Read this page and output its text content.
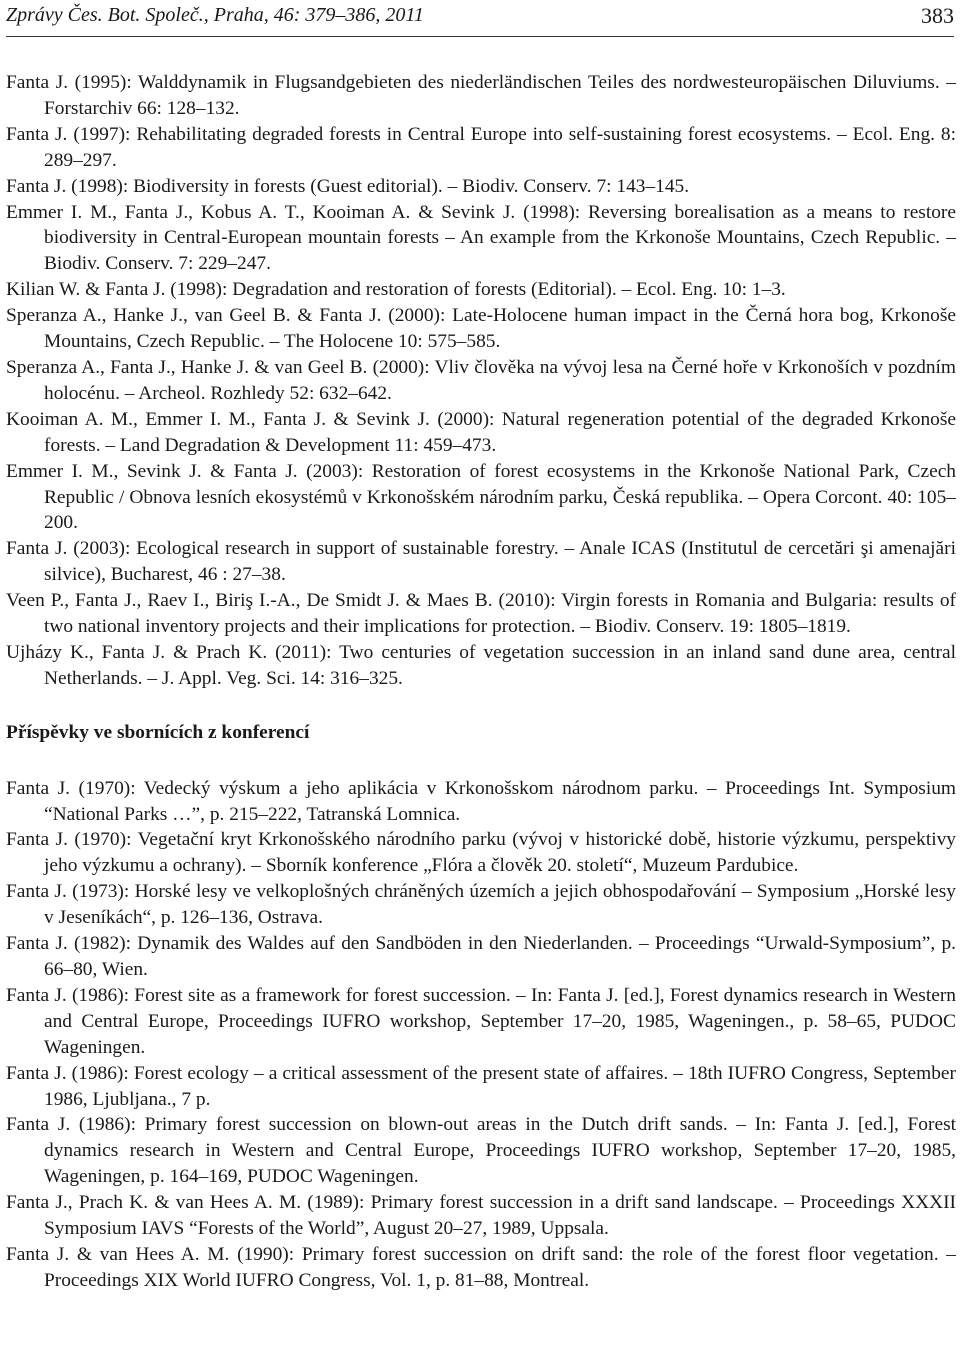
Zprávy Čes. Bot. Společ., Praha, 46: 379–386, 2011	383

Fanta J. (1995): Walddynamik in Flugsandgebieten des niederländischen Teiles des nordwesteuropäischen Diluviums. – Forstarchiv 66: 128–132.

Fanta J. (1997): Rehabilitating degraded forests in Central Europe into self-sustaining forest ecosystems. – Ecol. Eng. 8: 289–297.

Fanta J. (1998): Biodiversity in forests (Guest editorial). – Biodiv. Conserv. 7: 143–145.

Emmer I. M., Fanta J., Kobus A. T., Kooiman A. & Sevink J. (1998): Reversing borealisation as a means to restore biodiversity in Central-European mountain forests – An example from the Krkonoše Mountains, Czech Republic. – Biodiv. Conserv. 7: 229–247.

Kilian W. & Fanta J. (1998): Degradation and restoration of forests (Editorial). – Ecol. Eng. 10: 1–3.

Speranza A., Hanke J., van Geel B. & Fanta J. (2000): Late-Holocene human impact in the Černá hora bog, Krkonoše Mountains, Czech Republic. – The Holocene 10: 575–585.

Speranza A., Fanta J., Hanke J. & van Geel B. (2000): Vliv člověka na vývoj lesa na Černé hoře v Krkonoších v pozdním holocénu. – Archeol. Rozhledy 52: 632–642.

Kooiman A. M., Emmer I. M., Fanta J. & Sevink J. (2000): Natural regeneration potential of the degraded Krkonoše forests. – Land Degradation & Development 11: 459–473.

Emmer I. M., Sevink J. & Fanta J. (2003): Restoration of forest ecosystems in the Krkonoše National Park, Czech Republic / Obnova lesních ekosystémů v Krkonošském národním parku, Česká republika. – Opera Corcont. 40: 105–200.

Fanta J. (2003): Ecological research in support of sustainable forestry. – Anale ICAS (Institutul de cercetări şi amenajări silvice), Bucharest, 46 : 27–38.

Veen P., Fanta J., Raev I., Biriş I.-A., De Smidt J. & Maes B. (2010): Virgin forests in Romania and Bulgaria: results of two national inventory projects and their implications for protection. – Biodiv. Conserv. 19: 1805–1819.

Ujházy K., Fanta J. & Prach K. (2011): Two centuries of vegetation succession in an inland sand dune area, central Netherlands. – J. Appl. Veg. Sci. 14: 316–325.

Příspěvky ve sbornících z konferencí

Fanta J. (1970): Vedecký výskum a jeho aplikácia v Krkonošskom národnom parku. – Proceedings Int. Symposium “National Parks …”, p. 215–222, Tatranská Lomnica.

Fanta J. (1970): Vegetační kryt Krkonošského národního parku (vývoj v historické době, historie výzkumu, perspektivy jeho výzkumu a ochrany). – Sborník konference „Flóra a člověk 20. století“, Muzeum Pardubice.

Fanta J. (1973): Horské lesy ve velkoplošných chráněných územích a jejich obhospodařování – Symposium „Horské lesy v Jeseníkách“, p. 126–136, Ostrava.

Fanta J. (1982): Dynamik des Waldes auf den Sandböden in den Niederlanden. – Proceedings “Urwald-Symposium”, p. 66–80, Wien.

Fanta J. (1986): Forest site as a framework for forest succession. – In: Fanta J. [ed.], Forest dynamics research in Western and Central Europe, Proceedings IUFRO workshop, September 17–20, 1985, Wageningen., p. 58–65, PUDOC Wageningen.

Fanta J. (1986): Forest ecology – a critical assessment of the present state of affaires. – 18th IUFRO Congress, September 1986, Ljubljana., 7 p.

Fanta J. (1986): Primary forest succession on blown-out areas in the Dutch drift sands. – In: Fanta J. [ed.], Forest dynamics research in Western and Central Europe, Proceedings IUFRO workshop, September 17–20, 1985, Wageningen, p. 164–169, PUDOC Wageningen.

Fanta J., Prach K. & van Hees A. M. (1989): Primary forest succession in a drift sand landscape. – Proceedings XXXII Symposium IAVS “Forests of the World”, August 20–27, 1989, Uppsala.

Fanta J. & van Hees A. M. (1990): Primary forest succession on drift sand: the role of the forest floor vegetation. – Proceedings XIX World IUFRO Congress, Vol. 1, p. 81–88, Montreal.
